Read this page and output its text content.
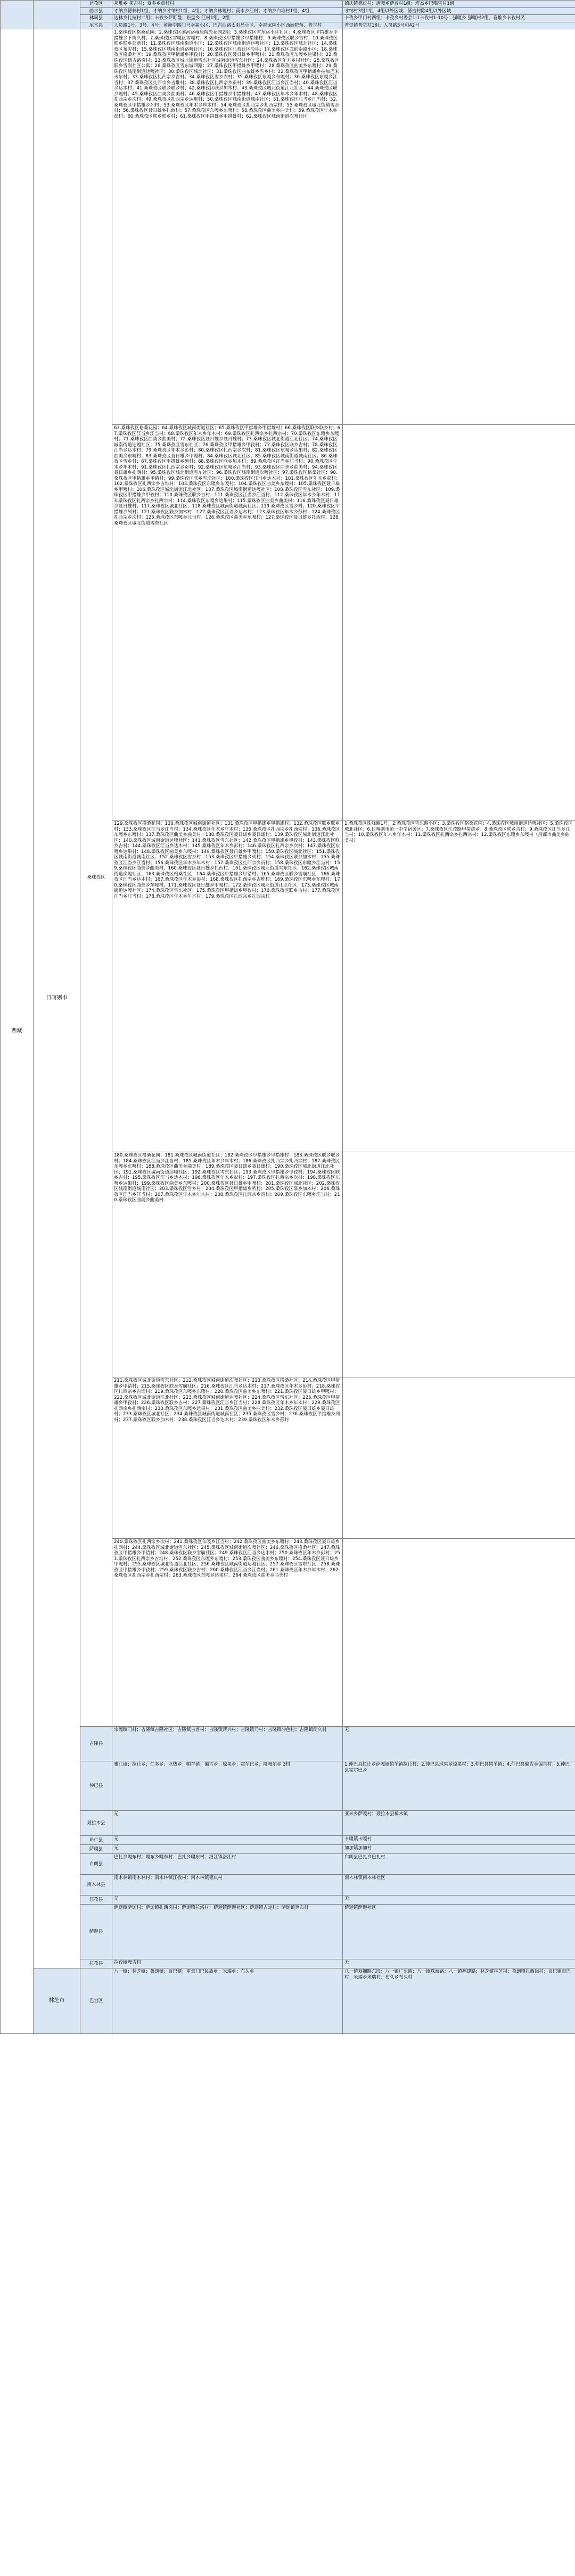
		达孜区	邦堆乡 邦吉村；章多乡章村村	德庆镇德庆村；唐嘎乡萨普村1组；塔杰乡巴噶雪村1组
		曲水县	才纳乡德林村1组，才纳乡才纳村1组，4组；才纳乡林嘎村；南木乡江村；才纳乡白堆村1组，4组	才纳村3组1组，4组以外区域；德吉村除4组以外区域
		林周县	边林乡扎拉村二组；卡孜乡萨盯曼；松盘乡 江村1组，2组	卡孜乡甲门村西组；卡孜乡村委会1-1卡孜村1-10号；强嘎乡 强嘎村2组，春堆乡卡孜村民
		尼木县	人员路1号、3号、4号；黄旗中路门号幸福小区、巴吉西路太阳岛小区、幸福家园小区西面院落、普吉村	普觉镇普觉村1组；人员路3号和42号
西藏	日喀则市	桑珠孜区	1.桑珠孜区格桑花园；2.桑珠孜区滨河路雍康院先花园2期；3.桑珠孜区雪东路小区社区；4.桑珠孜区甲措雄乡甲措雄乡下鸠久村；7.桑珠孜区雪嘎区雪嘎村；8.桑珠孜区甲措雄乡甲措雄村；9.桑珠孜区联乡吉村；10.桑珠孜区联乡联乡部落村；11.桑珠孜区城南街道小区；12.桑珠孜区城南街道达嘎社区；13.桑珠孜区城北社区；14.桑珠孜区布穷村；15.桑珠孜区城南街道路嘎社区；16.桑珠孜区江孜社区冷库；17.桑珠孜区龙前南路小区；18.桑珠孜区格桑社区；19.桑珠孜区甲措雄乡甲孜村；20.桑珠孜区聂日雄乡甲嘎村；21.桑珠孜区东嘎乡达果村；22.桑珠孜区德吉路贡村；23.桑珠孜区城北街道雪东社区城南街道雪东社区；24.桑珠孜区年木乡村社区；25.桑珠孜区联乡雪崩社区公寓；26.桑珠孜区雪东城西路；27.桑珠孜区甲措雄乡甲错村；28.桑珠孜区曲美乡东嘎村；29.桑珠孜区城南街道达嘎社区；30.桑珠孜区城北社区；31.桑珠孜区曲布雄乡雪乡村；32.桑珠孜区甲措雄乡拉加巴米卡尔村；33.桑珠孜区扎西宗乡吉村；34.桑珠孜区雪乡农村；35.桑珠孜区东嘎乡东嘎村；36.桑珠孜区东嘎乡江当村；37.桑珠孜区扎西宗乡吉堆村；38.桑珠孜区扎西宗乡贡村；39.桑珠孜区江当乡江当村；40.桑珠孜区江当乡达木村；41.桑珠孜区联乡联乡村；42.桑珠孜区联乡加木村；43.桑珠孜区城北街道江北社区；44.桑珠孜区联乡嘎村；45.桑珠孜区曲美乡曲美村；46.桑珠孜区甲措雄乡甲措雄村；47.桑珠孜区年木乡年木村；48.桑珠孜区扎西宗乡次村；49.桑珠孜区扎西宗乡达那村；50.桑珠孜区城南街道城南社区；51.桑珠孜区江当乡江当村；52.桑珠孜区甲措雄乡列村；53.桑珠孜区年木乡年木村；54.桑珠孜区扎西宗乡扎西宗村；55.桑珠孜区城北街道雪乡村；56.桑珠孜区聂日雄乡扎西村；57.桑珠孜区东嘎乡东嘎村；58.桑珠孜区曲美乡曲美村；59.桑珠孜区年木乡彭村；60.桑珠孜区联乡联乡村；61.桑珠孜区甲措雄乡甲措雄村；62.桑珠孜区城南街道次嘎社区	
			63.桑珠孜区格桑花园；64.桑珠孜区城南街道社区；65.桑珠孜区甲措雄乡甲措雄村；66.桑珠孜区联乡联乡村；67.桑珠孜区江当乡江当村；68.桑珠孜区年木乡年木村；69.桑珠孜区扎西宗乡扎西宗村；70.桑珠孜区东嘎乡东嘎村；71.桑珠孜区曲美乡曲美村；72.桑珠孜区聂日雄乡聂日雄村；73.桑珠孜区城北街道江北社区；74.桑珠孜区城南街道达嘎社区；75.桑珠孜区雪东社区；76.桑珠孜区甲措雄乡甲孜村；77.桑珠孜区联乡吉村；78.桑珠孜区江当乡达木村；79.桑珠孜区年木乡彭村；80.桑珠孜区扎西宗乡次村；81.桑珠孜区东嘎乡达果村；82.桑珠孜区曲美乡东嘎村；83.桑珠孜区聂日雄乡甲嘎村；84.桑珠孜区城北社区；85.桑珠孜区城南街道城南社区；86.桑珠孜区雪乡村；87.桑珠孜区甲措雄乡列村；88.桑珠孜区联乡加木村；89.桑珠孜区江当乡江当村；90.桑珠孜区年木乡年木村；91.桑珠孜区扎西宗乡贡村；92.桑珠孜区东嘎乡江当村；93.桑珠孜区曲美乡曲美村；94.桑珠孜区聂日雄乡扎西村；95.桑珠孜区城北街道雪东社区；96.桑珠孜区城南街道次嘎社区；97.桑珠孜区格桑社区；98.桑珠孜区甲措雄乡甲错村；99.桑珠孜区联乡雪崩社区；100.桑珠孜区江当乡达木村；101.桑珠孜区年木乡彭村；102.桑珠孜区扎西宗乡吉堆村；103.桑珠孜区东嘎乡东嘎村；104.桑珠孜区曲美乡东嘎村；105.桑珠孜区聂日雄乡甲嘎村；106.桑珠孜区城北街道江北社区；107.桑珠孜区城南街道达嘎社区；108.桑珠孜区雪东社区；109.桑珠孜区甲措雄乡甲孜村；110.桑珠孜区联乡吉村；111.桑珠孜区江当乡江当村；112.桑珠孜区年木乡年木村；113.桑珠孜区扎西宗乡扎西宗村；114.桑珠孜区东嘎乡达果村；115.桑珠孜区曲美乡曲美村；116.桑珠孜区聂日雄乡聂日雄村；117.桑珠孜区城北社区；118.桑珠孜区城南街道城南社区；119.桑珠孜区雪乡村；120.桑珠孜区甲措雄乡列村；121.桑珠孜区联乡加木村；122.桑珠孜区江当乡达木村；123.桑珠孜区年木乡彭村；124.桑珠孜区扎西宗乡次村；125.桑珠孜区东嘎乡江当村；126.桑珠孜区曲美乡东嘎村；127.桑珠孜区聂日雄乡扎西村；128.桑珠孜区城北街道雪东社区	
			129.桑珠孜区格桑花园；130.桑珠孜区城南街道社区；131.桑珠孜区甲措雄乡甲措雄村；132.桑珠孜区联乡联乡村；133.桑珠孜区江当乡江当村；134.桑珠孜区年木乡年木村；135.桑珠孜区扎西宗乡扎西宗村；136.桑珠孜区东嘎乡东嘎村；137.桑珠孜区曲美乡曲美村；138.桑珠孜区聂日雄乡聂日雄村；139.桑珠孜区城北街道江北社区；140.桑珠孜区城南街道达嘎社区；141.桑珠孜区雪东社区；142.桑珠孜区甲措雄乡甲孜村；143.桑珠孜区联乡吉村；144.桑珠孜区江当乡达木村；145.桑珠孜区年木乡彭村；146.桑珠孜区扎西宗乡次村；147.桑珠孜区东嘎乡达果村；148.桑珠孜区曲美乡东嘎村；149.桑珠孜区聂日雄乡甲嘎村；150.桑珠孜区城北社区；151.桑珠孜区城南街道城南社区；152.桑珠孜区雪乡村；153.桑珠孜区甲措雄乡列村；154.桑珠孜区联乡加木村；155.桑珠孜区江当乡江当村；156.桑珠孜区年木乡年木村；157.桑珠孜区扎西宗乡贡村；158.桑珠孜区东嘎乡江当村；159.桑珠孜区曲美乡曲美村；160.桑珠孜区聂日雄乡扎西村；161.桑珠孜区城北街道雪东社区；162.桑珠孜区城南街道次嘎社区；163.桑珠孜区格桑社区；164.桑珠孜区甲措雄乡甲错村；165.桑珠孜区联乡雪崩社区；166.桑珠孜区江当乡达木村；167.桑珠孜区年木乡彭村；168.桑珠孜区扎西宗乡吉堆村；169.桑珠孜区东嘎乡东嘎村；170.桑珠孜区曲美乡东嘎村；171.桑珠孜区聂日雄乡甲嘎村；172.桑珠孜区城北街道江北社区；173.桑珠孜区城南街道达嘎社区；174.桑珠孜区雪东社区；175.桑珠孜区甲措雄乡甲孜村；176.桑珠孜区联乡吉村；177.桑珠孜区江当乡江当村；178.桑珠孜区年木乡年木村；179.桑珠孜区扎西宗乡扎西宗村	1.桑珠孜区珠峰路1号；2.桑珠孜区雪东路小区；3.桑珠孜区格桑花园；4.桑珠孜区城南街道达嘎社区；5.桑珠孜区城北社区；6.日喀则市第一中学宿舍区；7.桑珠孜区江孜路甲措雄乡；8.桑珠孜区联乡吉村；9.桑珠孜区江当乡江当村；10.桑珠孜区年木乡年木村；11.桑珠孜区扎西宗乡扎西宗村；12.桑珠孜区东嘎乡东嘎村（昌都市曲美乡曲美村）
			180.桑珠孜区格桑花园；181.桑珠孜区城南街道社区；182.桑珠孜区甲措雄乡甲措雄村；183.桑珠孜区联乡联乡村；184.桑珠孜区江当乡江当村；185.桑珠孜区年木乡年木村；186.桑珠孜区扎西宗乡扎西宗村；187.桑珠孜区东嘎乡东嘎村；188.桑珠孜区曲美乡曲美村；189.桑珠孜区聂日雄乡聂日雄村；190.桑珠孜区城北街道江北社区；191.桑珠孜区城南街道达嘎社区；192.桑珠孜区雪东社区；193.桑珠孜区甲措雄乡甲孜村；194.桑珠孜区联乡吉村；195.桑珠孜区江当乡达木村；196.桑珠孜区年木乡彭村；197.桑珠孜区扎西宗乡次村；198.桑珠孜区东嘎乡达果村；199.桑珠孜区曲美乡东嘎村；200.桑珠孜区聂日雄乡甲嘎村；201.桑珠孜区城北社区；202.桑珠孜区城南街道城南社区；203.桑珠孜区雪乡村；204.桑珠孜区甲措雄乡列村；205.桑珠孜区联乡加木村；206.桑珠孜区江当乡江当村；207.桑珠孜区年木乡年木村；208.桑珠孜区扎西宗乡贡村；209.桑珠孜区东嘎乡江当村；210.桑珠孜区曲美乡曲美村	
			211.桑珠孜区城北街道雪东社区；212.桑珠孜区城南街道次嘎社区；213.桑珠孜区格桑社区；214.桑珠孜区甲措雄乡甲错村；215.桑珠孜区联乡雪崩社区；216.桑珠孜区江当乡达木村；217.桑珠孜区年木乡彭村；218.桑珠孜区扎西宗乡吉堆村；219.桑珠孜区东嘎乡东嘎村；220.桑珠孜区曲美乡东嘎村；221.桑珠孜区聂日雄乡甲嘎村；222.桑珠孜区城北街道江北社区；223.桑珠孜区城南街道达嘎社区；224.桑珠孜区雪东社区；225.桑珠孜区甲措雄乡甲孜村；226.桑珠孜区联乡吉村；227.桑珠孜区江当乡江当村；228.桑珠孜区年木乡年木村；229.桑珠孜区扎西宗乡扎西宗村；230.桑珠孜区东嘎乡达果村；231.桑珠孜区曲美乡曲美村；232.桑珠孜区聂日雄乡聂日雄村；233.桑珠孜区城北社区；234.桑珠孜区城南街道城南社区；235.桑珠孜区雪乡村；236.桑珠孜区甲措雄乡列村；237.桑珠孜区联乡加木村；238.桑珠孜区江当乡达木村；239.桑珠孜区年木乡彭村	
			240.桑珠孜区扎西宗乡次村；241.桑珠孜区东嘎乡江当村；242.桑珠孜区曲美乡东嘎村；243.桑珠孜区聂日雄乡扎西村；244.桑珠孜区城北街道雪东社区；245.桑珠孜区城南街道次嘎社区；246.桑珠孜区格桑社区；247.桑珠孜区甲措雄乡甲错村；248.桑珠孜区联乡雪崩社区；249.桑珠孜区江当乡达木村；250.桑珠孜区年木乡彭村；251.桑珠孜区扎西宗乡吉堆村；252.桑珠孜区东嘎乡东嘎村；253.桑珠孜区曲美乡东嘎村；254.桑珠孜区聂日雄乡甲嘎村；255.桑珠孜区城北街道江北社区；256.桑珠孜区城南街道达嘎社区；257.桑珠孜区雪东社区；258.桑珠孜区甲措雄乡甲孜村；259.桑珠孜区联乡吉村；260.桑珠孜区江当乡江当村；261.桑珠孜区年木乡年木村；262.桑珠孜区扎西宗乡扎西宗村；263.桑珠孜区东嘎乡达果村；264.桑珠孜区曲美乡曲美村	
		吉隆县	宗嘎镇门村；吉隆镇吉隆社区；吉隆镇吉普村；吉隆镇帮兴村；吉隆镇乃村；吉隆镇冲色村；吉隆镇朗久村	无
		仲巴县	雅江镇；拉让乡；仁多乡；亚热乡；帕羊镇；偏吉乡；琼果乡；霍尔巴乡；隆嘎尔乡 3村	1.仲巴县拉让乡萨嘎镇帕羊镇拉让村；2.仲巴县琼果乡琼果村；3.仲巴县帕羊镇；4.仲巴县偏吉乡偏吉村；5.仲巴县霍尔巴乡
		聂拉木县	无	亚来乡萨嘎村；聂拉木县樟木镇
		昂仁县	无	卡嘎镇卡嘎村
		萨嘎县	无	加加镇加加村
		白朗县	巴扎乡嘎东村；嘎东乡嘎东村；巴扎乡嘎东村；洛江镇洛江村	白朗县巴扎乡巴扎村
		南木林县	南木林镇南木林村；南木林镇江孜村；南木林镇德庆村	南木林镇南木林社区
		江孜县	无	无
		萨迦县	萨迦镇萨迦村；萨迦镇扎西岗村；萨迦镇拉洛村；萨迦镇萨迦社区；萨迦镇吉定村；萨迦镇热布村	萨迦镇萨迦社区
		拉孜县	拉孜镇嘎吉村	无
	林芝市	巴宜区	八一镇；林芝镇；鲁朗镇；百巴镇；更章门巴民族乡；米瑞乡；布久乡	八一镇双拥路东段；八一镇广东路；八一镇珠海路；八一镇福建路；林芝镇林芝村；鲁朗镇扎西岗村；百巴镇百巴村；米瑞乡米瑞村；布久乡布久村
